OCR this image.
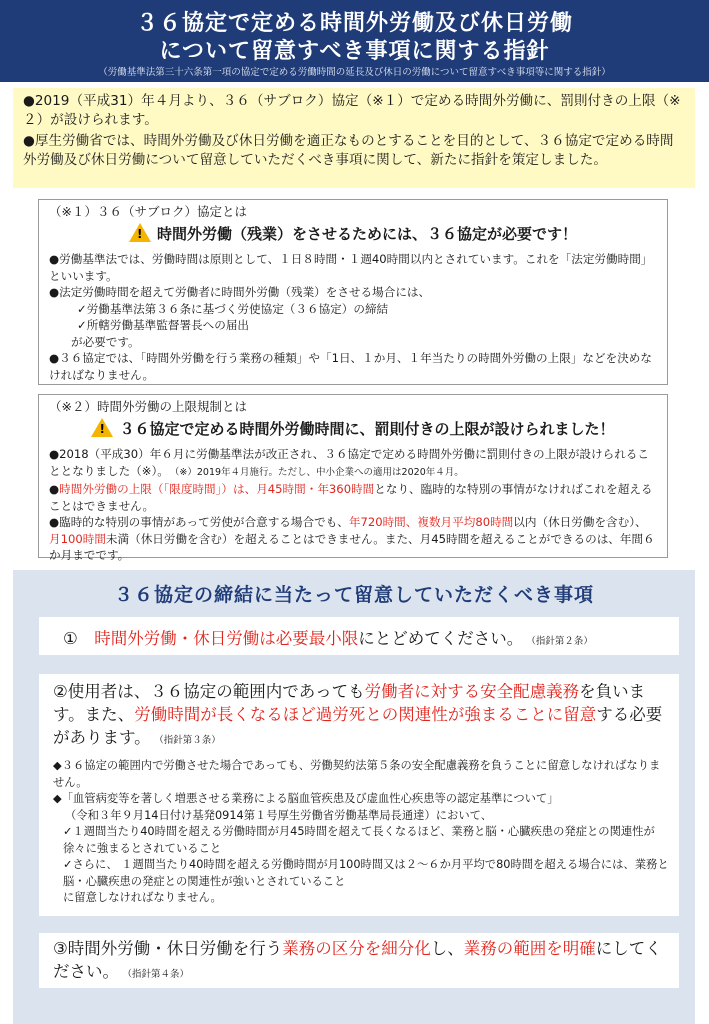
３６協定で定める時間外労働及び休日労働
について留意すべき事項に関する指針
（労働基準法第三十六条第一項の協定で定める労働時間の延長及び休日の労働について留意すべき事項等に関する指針）

●2019（平成31）年４月より、３６（サブロク）協定（※１）で定める時間外労働に、罰則付きの上限（※２）が設けられます。

●厚生労働省では、時間外労働及び休日労働を適正なものとすることを目的として、３６協定で定める時間外労働及び休日労働について留意していただくべき事項に関して、新たに指針を策定しました。

（※１）３６（サブロク）協定とは
! 時間外労働（残業）をさせるためには、３６協定が必要です！

●労働基準法では、労働時間は原則として、１日８時間・１週40時間以内とされています。これを「法定労働時間」といいます。

●法定労働時間を超えて労働者に時間外労働（残業）をさせる場合には、

✓労働基準法第３６条に基づく労使協定（３６協定）の締結

✓所轄労働基準監督署長への届出

が必要です。

●３６協定では、「時間外労働を行う業務の種類」や「1日、１か月、１年当たりの時間外労働の上限」などを決めなければなりません。

（※２）時間外労働の上限規制とは
! ３６協定で定める時間外労働時間に、罰則付きの上限が設けられました！

●2018（平成30）年６月に労働基準法が改正され、３６協定で定める時間外労働に罰則付きの上限が設けられることとなりました（※）。　 （※）2019年４月施行。ただし、中小企業への適用は2020年４月。

●時間外労働の上限（「限度時間」）は、月45時間・年360時間となり、臨時的な特別の事情がなければこれを超えることはできません。

●臨時的な特別の事情があって労使が合意する場合でも、年720時間、複数月平均80時間以内（休日労働を含む）、月100時間未満（休日労働を含む）を超えることはできません。また、月45時間を超えることができるのは、年間６か月までです。

３６協定の締結に当たって留意していただくべき事項
①　 時間外労働・休日労働は必要最小限にとどめてください。　 （指針第２条）

②使用者は、３６協定の範囲内であっても労働者に対する安全配慮義務を負います。また、労働時間が長くなるほど過労死との関連性が強まることに留意する必要があります。　 （指針第３条）

◆３６協定の範囲内で労働させた場合であっても、労働契約法第５条の安全配慮義務を負うことに留意しなければなりません。

◆「血管病変等を著しく増悪させる業務による脳血管疾患及び虚血性心疾患等の認定基準について」

（令和３年９月14日付け基発0914第１号厚生労働省労働基準局長通達）において、

✓１週間当たり40時間を超える労働時間が月45時間を超えて長くなるほど、業務と脳・心臓疾患の発症との関連性が徐々に強まるとされていること

✓さらに、 １週間当たり40時間を超える労働時間が月100時間又は２～６か月平均で80時間を超える場合には、業務と脳・心臓疾患の発症との関連性が強いとされていること

に留意しなければなりません。

③時間外労働・休日労働を行う業務の区分を細分化し、業務の範囲を明確にしてください。　 （指針第４条）
